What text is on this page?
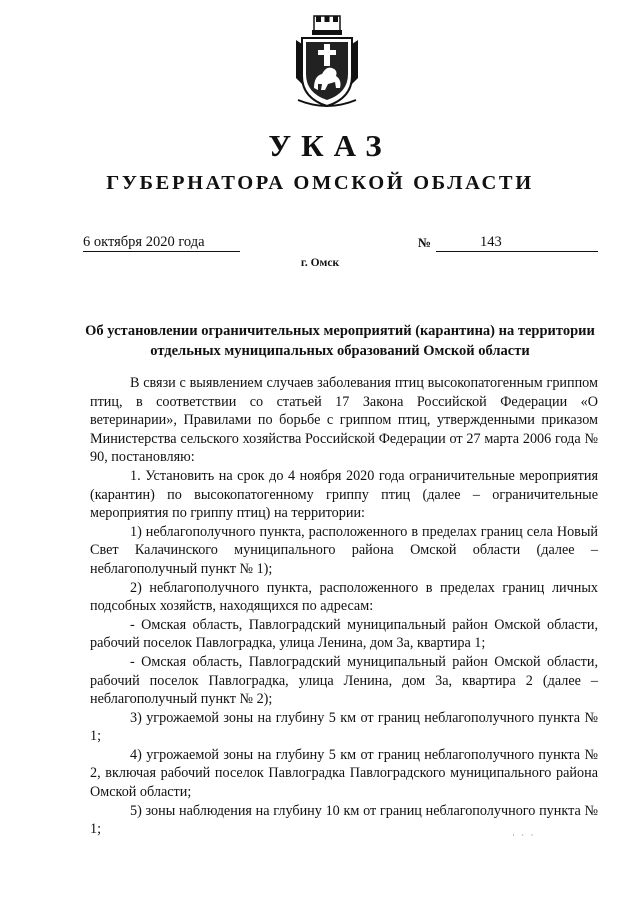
УКАЗ
ГУБЕРНАТОРА ОМСКОЙ ОБЛАСТИ
6 октября 2020 года	№	143
г. Омск
Об установлении ограничительных мероприятий (карантина) на территории
отдельных муниципальных образований Омской области

В связи с выявлением случаев заболевания птиц высокопатогенным гриппом птиц, в соответствии со статьей 17 Закона Российской Федерации «О ветеринарии», Правилами по борьбе с гриппом птиц, утвержденными приказом Министерства сельского хозяйства Российской Федерации от 27 марта 2006 года № 90, постановляю:

1. Установить на срок до 4 ноября 2020 года ограничительные мероприятия (карантин) по высокопатогенному гриппу птиц (далее – ограничительные мероприятия по гриппу птиц) на территории:

1) неблагополучного пункта, расположенного в пределах границ села Новый Свет Калачинского муниципального района Омской области (далее – неблагополучный пункт № 1);

2) неблагополучного пункта, расположенного в пределах границ личных подсобных хозяйств, находящихся по адресам:

- Омская область, Павлоградский муниципальный район Омской области, рабочий поселок Павлоградка, улица Ленина, дом 3а, квартира 1;

- Омская область, Павлоградский муниципальный район Омской области, рабочий поселок Павлоградка, улица Ленина, дом 3а, квартира 2 (далее – неблагополучный пункт № 2);

3) угрожаемой зоны на глубину 5 км от границ неблагополучного пункта № 1;

4) угрожаемой зоны на глубину 5 км от границ неблагополучного пункта № 2, включая рабочий поселок Павлоградка Павлоградского муниципального района Омской области;

5) зоны наблюдения на глубину 10 км от границ неблагополучного пункта № 1;	· · ·
